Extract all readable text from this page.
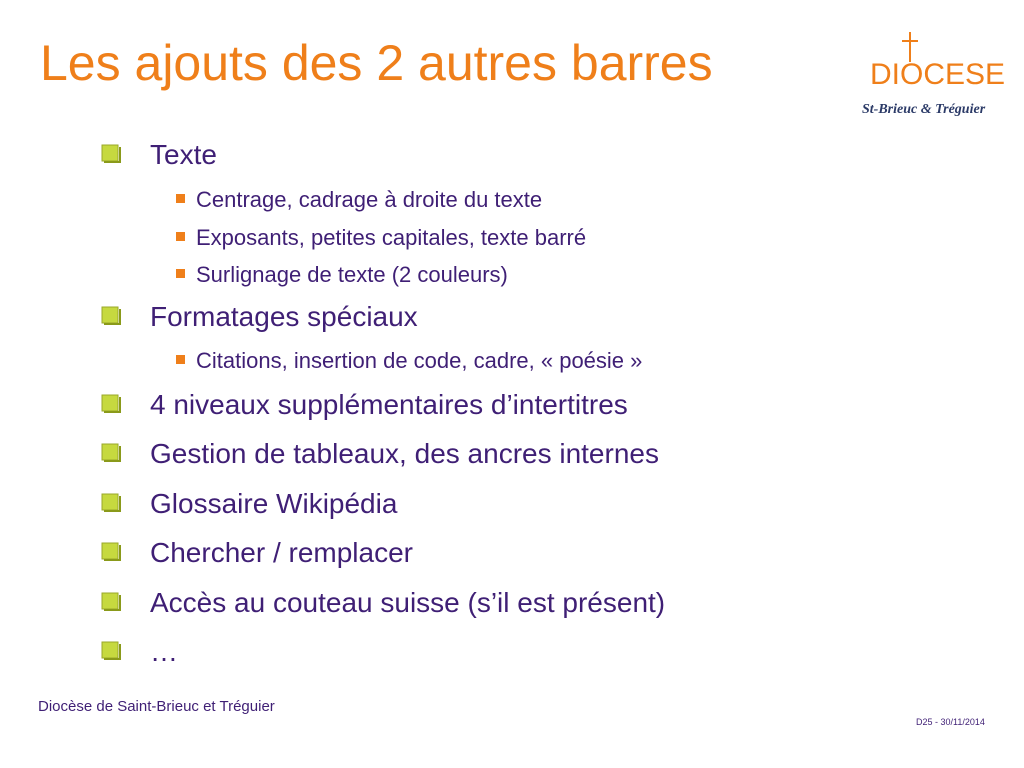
Les ajouts des 2 autres barres	DIOCESE
St-Brieuc & Tréguier
Texte
Centrage, cadrage à droite du texte
Exposants, petites capitales, texte barré
Surlignage de texte (2 couleurs)
Formatages spéciaux
Citations, insertion de code, cadre, « poésie »
4 niveaux supplémentaires d’intertitres
Gestion de tableaux, des ancres internes
Glossaire Wikipédia
Chercher / remplacer
Accès au couteau suisse (s’il est présent)
…
Diocèse de Saint-Brieuc et Tréguier
D25 - 30/11/2014
